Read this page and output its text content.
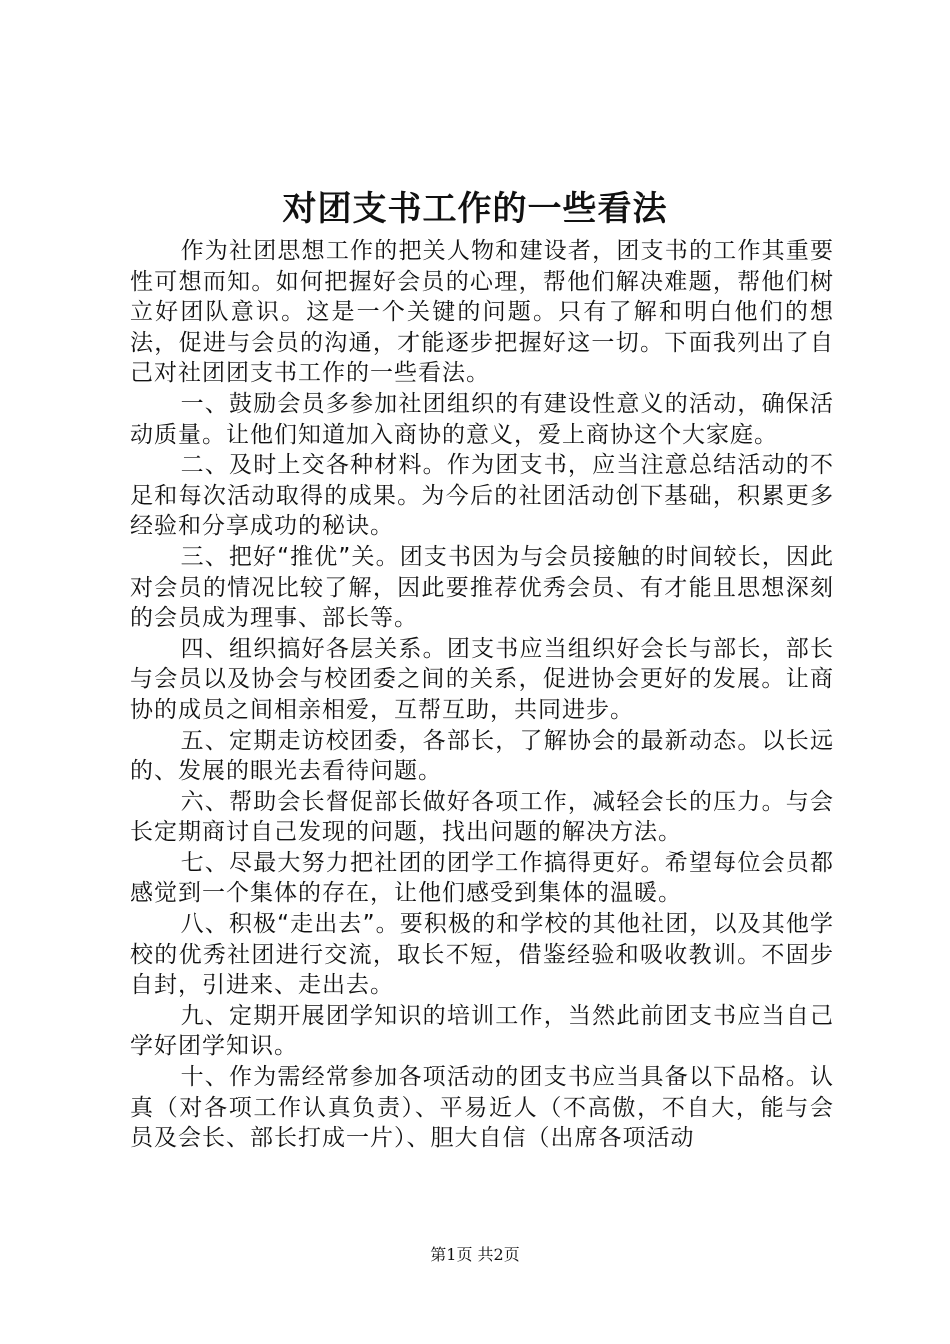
对团支书工作的一些看法

作为社团思想工作的把关人物和建设者，团支书的工作其重要性可想而知。如何把握好会员的心理，帮他们解决难题，帮他们树立好团队意识。这是一个关键的问题。只有了解和明白他们的想法，促进与会员的沟通，才能逐步把握好这一切。下面我列出了自己对社团团支书工作的一些看法。

一、鼓励会员多参加社团组织的有建设性意义的活动，确保活动质量。让他们知道加入商协的意义，爱上商协这个大家庭。

二、及时上交各种材料。作为团支书，应当注意总结活动的不足和每次活动取得的成果。为今后的社团活动创下基础，积累更多经验和分享成功的秘诀。

三、把好“推优”关。团支书因为与会员接触的时间较长，因此对会员的情况比较了解，因此要推荐优秀会员、有才能且思想深刻的会员成为理事、部长等。

四、组织搞好各层关系。团支书应当组织好会长与部长，部长与会员以及协会与校团委之间的关系，促进协会更好的发展。让商协的成员之间相亲相爱，互帮互助，共同进步。

五、定期走访校团委，各部长，了解协会的最新动态。以长远的、发展的眼光去看待问题。

六、帮助会长督促部长做好各项工作，减轻会长的压力。与会长定期商讨自己发现的问题，找出问题的解决方法。

七、尽最大努力把社团的团学工作搞得更好。希望每位会员都感觉到一个集体的存在，让他们感受到集体的温暖。

八、积极“走出去”。要积极的和学校的其他社团，以及其他学校的优秀社团进行交流，取长不短，借鉴经验和吸收教训。不固步自封，引进来、走出去。

九、定期开展团学知识的培训工作，当然此前团支书应当自己学好团学知识。

十、作为需经常参加各项活动的团支书应当具备以下品格。认真（对各项工作认真负责）、平易近人（不高傲，不自大，能与会员及会长、部长打成一片）、胆大自信（出席各项活动

第1页 共2页
